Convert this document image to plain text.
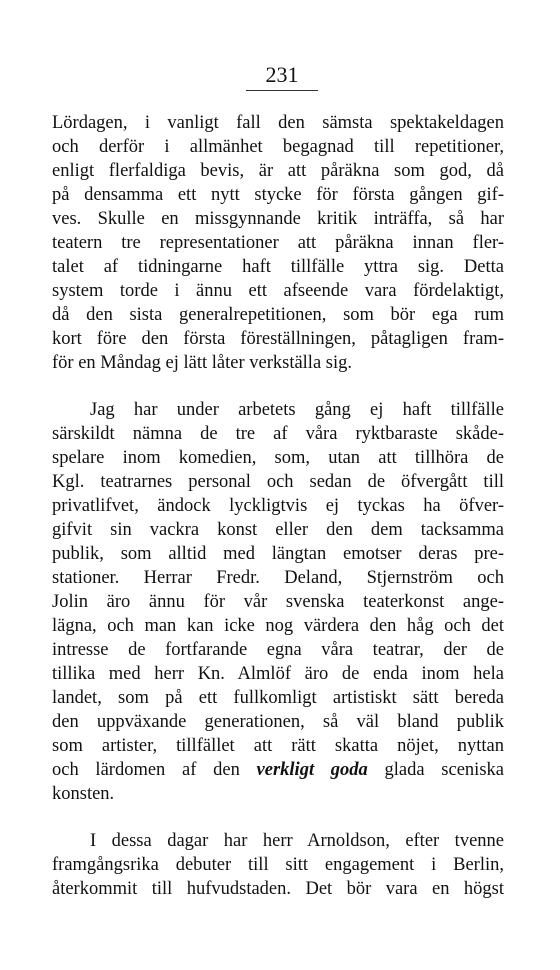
231
Lördagen, i vanligt fall den sämsta spektakeldagen
och derför i allmänhet begagnad till repetitioner,
enligt flerfaldiga bevis, är att påräkna som god, då
på densamma ett nytt stycke för första gången gif-
ves. Skulle en missgynnande kritik inträffa, så har
teatern tre representationer att påräkna innan fler-
talet af tidningarne haft tillfälle yttra sig. Detta
system torde i ännu ett afseende vara fördelaktigt,
då den sista generalrepetitionen, som bör ega rum
kort före den första föreställningen, påtagligen fram-
för en Måndag ej lätt låter verkställa sig.
Jag har under arbetets gång ej haft tillfälle
särskildt nämna de tre af våra ryktbaraste skåde-
spelare inom komedien, som, utan att tillhöra de
Kgl. teatrarnes personal och sedan de öfvergått till
privatlifvet, ändock lyckligtvis ej tyckas ha öfver-
gifvit sin vackra konst eller den dem tacksamma
publik, som alltid med längtan emotser deras pre-
stationer. Herrar Fredr. Deland, Stjernström och
Jolin äro ännu för vår svenska teaterkonst ange-
lägna, och man kan icke nog värdera den håg och det
intresse de fortfarande egna våra teatrar, der de
tillika med herr Kn. Almlöf äro de enda inom hela
landet, som på ett fullkomligt artistiskt sätt bereda
den uppväxande generationen, så väl bland publik
som artister, tillfället att rätt skatta nöjet, nyttan
och lärdomen af den verkligt goda glada sceniska
konsten.
I dessa dagar har herr Arnoldson, efter tvenne
framgångsrika debuter till sitt engagement i Berlin,
återkommit till hufvudstaden. Det bör vara en högst
